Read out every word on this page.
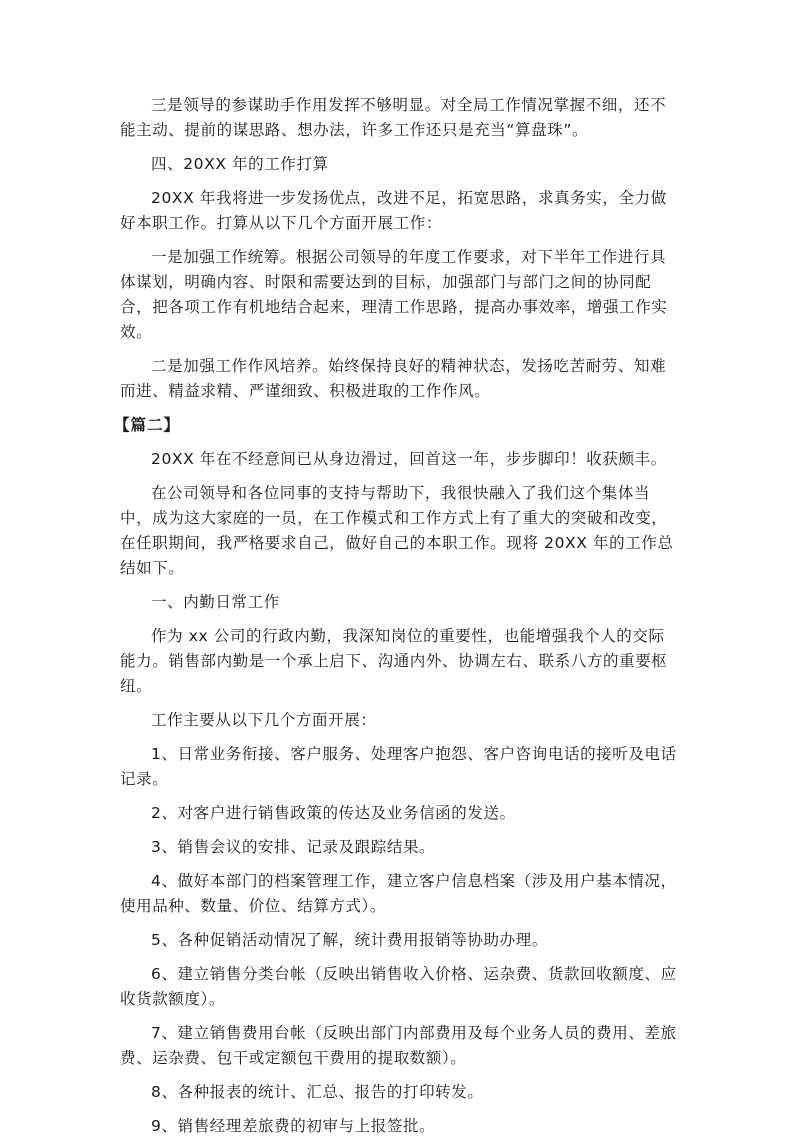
三是领导的参谋助手作用发挥不够明显。对全局工作情况掌握不细，还不能主动、提前的谋思路、想办法，许多工作还只是充当“算盘珠”。

四、20XX 年的工作打算

20XX 年我将进一步发扬优点，改进不足，拓宽思路，求真务实，全力做好本职工作。打算从以下几个方面开展工作：

一是加强工作统筹。根据公司领导的年度工作要求，对下半年工作进行具体谋划，明确内容、时限和需要达到的目标，加强部门与部门之间的协同配合，把各项工作有机地结合起来，理清工作思路，提高办事效率，增强工作实效。

二是加强工作作风培养。始终保持良好的精神状态，发扬吃苦耐劳、知难而进、精益求精、严谨细致、积极进取的工作作风。

【篇二】

20XX 年在不经意间已从身边滑过，回首这一年，步步脚印！收获颇丰。

在公司领导和各位同事的支持与帮助下，我很快融入了我们这个集体当中，成为这大家庭的一员，在工作模式和工作方式上有了重大的突破和改变，在任职期间，我严格要求自己，做好自己的本职工作。现将 20XX 年的工作总结如下。

一、内勤日常工作

作为 xx 公司的行政内勤，我深知岗位的重要性，也能增强我个人的交际能力。销售部内勤是一个承上启下、沟通内外、协调左右、联系八方的重要枢纽。

工作主要从以下几个方面开展：

1、日常业务衔接、客户服务、处理客户抱怨、客户咨询电话的接听及电话记录。

2、对客户进行销售政策的传达及业务信函的发送。

3、销售会议的安排、记录及跟踪结果。

4、做好本部门的档案管理工作，建立客户信息档案（涉及用户基本情况，使用品种、数量、价位、结算方式）。

5、各种促销活动情况了解，统计费用报销等协助办理。

6、建立销售分类台帐（反映出销售收入价格、运杂费、货款回收额度、应收货款额度）。

7、建立销售费用台帐（反映出部门内部费用及每个业务人员的费用、差旅费、运杂费、包干或定额包干费用的提取数额）。

8、各种报表的统计、汇总、报告的打印转发。

9、销售经理差旅费的初审与上报签批。
